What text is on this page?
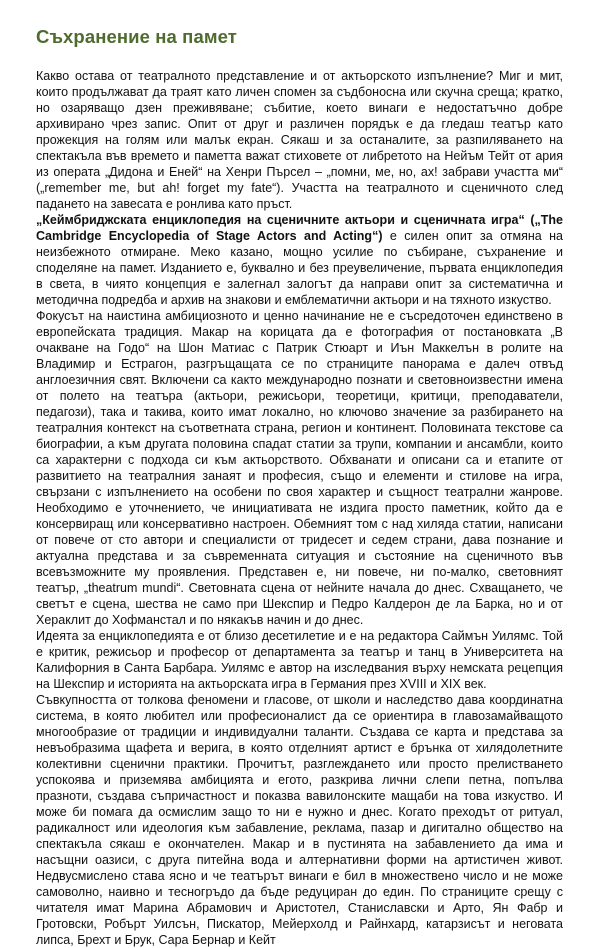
Съхранение на памет

Какво остава от театралното представление и от актьорското изпълнение? Миг и мит, които продължават да траят като личен спомен за съдбоносна или скучна среща; кратко, но озаряващо дзен преживяване; събитие, което винаги е недостатъчно добре архивирано чрез запис. Опит от друг и различен порядък е да гледаш театър като прожекция на голям или малък екран. Сякаш и за останалите, за разпиляването на спектакъла във времето и паметта важат стиховете от либретото на Нейъм Тейт от ария из операта „Дидона и Еней“ на Хенри Пърсел – „помни, ме, но, ах! забрави участта ми“ („remember me, but ah! forget my fate“). Участта на театралното и сценичното след падането на завесата е ронлива като пръст.

„Кеймбриджската енциклопедия на сценичните актьори и сценичната игра“ („The Cambridge Encyclopedia of Stage Actors and Acting“) е силен опит за отмяна на неизбежното отмиране. Меко казано, мощно усилие по събиране, съхранение и споделяне на памет. Изданието е, буквално и без преувеличение, първата енциклопедия в света, в чиято концепция е залегнал залогът да направи опит за систематична и методична подредба и архив на знакови и емблематични актьори и на тяхното изкуство.

Фокусът на наистина амбициозното и ценно начинание не е съсредоточен единствено в европейската традиция. Макар на корицата да е фотография от постановката „В очакване на Годо“ на Шон Матиас с Патрик Стюарт и Иън Маккелън в ролите на Владимир и Естрагон, разгръщащата се по страниците панорама е далеч отвъд англоезичния свят. Включени са както международно познати и световноизвестни имена от полето на театъра (актьори, режисьори, теоретици, критици, преподаватели, педагози), така и такива, които имат локално, но ключово значение за разбирането на театралния контекст на съответната страна, регион и континент. Половината текстове са биографии, а към другата половина спадат статии за трупи, компании и ансамбли, които са характерни с подхода си към актьорството. Обхванати и описани са и етапите от развитието на театралния занаят и професия, също и елементи и стилове на игра, свързани с изпълнението на особени по своя характер и същност театрални жанрове. Необходимо е уточнението, че инициативата не издига просто паметник, който да е консервиращ или консервативно настроен. Обемният том с над хиляда статии, написани от повече от сто автори и специалисти от тридесет и седем страни, дава познание и актуална представа и за съвременната ситуация и състояние на сценичното във всевъзможните му проявления. Представен е, ни повече, ни по-малко, световният театър, „theatrum mundi“. Световната сцена от нейните начала до днес. Схващането, че светът е сцена, шества не само при Шекспир и Педро Калдерон де ла Барка, но и от Хераклит до Хофманстал и по някакъв начин и до днес.

Идеята за енциклопедията е от близо десетилетие и е на редактора Саймън Уилямс. Той е критик, режисьор и професор от департамента за театър и танц в Университета на Калифорния в Санта Барбара. Уилямс е автор на изследвания върху немската рецепция на Шекспир и историята на актьорската игра в Германия през XVIII и XIX век.

Съвкупността от толкова феномени и гласове, от школи и наследство дава координатна система, в която любител или професионалист да се ориентира в главозамайващото многообразие от традиции и индивидуални таланти. Създава се карта и представа за невъобразима щафета и верига, в която отделният артист е брънка от хилядолетните колективни сценични практики. Прочитът, разглеждането или просто прелистването успокоява и приземява амбицията и егото, разкрива лични слепи петна, попълва празноти, създава съпричастност и показва вавилонските мащаби на това изкуство. И може би помага да осмислим защо то ни е нужно и днес. Когато преходът от ритуал, радикалност или идеология към забавление, реклама, пазар и дигитално общество на спектакъла сякаш е окончателен. Макар и в пустинята на забавлението да има и насъщни оазиси, с друга питейна вода и алтернативни форми на артистичен живот. Недвусмислено става ясно и че театърът винаги е бил в множествено число и не може самоволно, наивно и тесногръдо да бъде редуциран до един. По страниците срещу с читателя имат Марина Абрамович и Аристотел, Станиславски и Арто, Ян Фабр и Гротовски, Робърт Уилсън, Пискатор, Мейерхолд и Райнхард, катарзисът и неговата липса, Брехт и Брук, Сара Бернар и Кейт
